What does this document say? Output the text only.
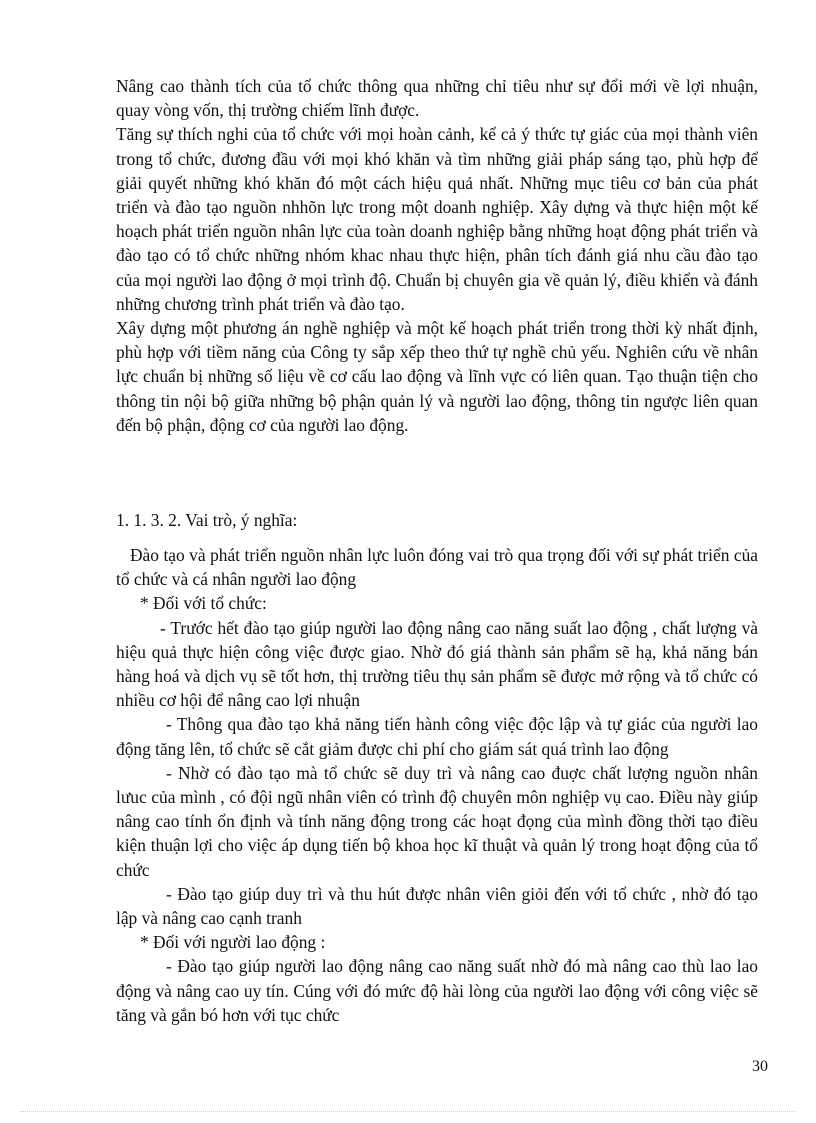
Nâng cao thành tích của tổ chức thông qua những chỉ tiêu như sự đổi mới về lợi nhuận, quay vòng vốn, thị trường chiếm lĩnh được.

Tăng sự thích nghi của tổ chức với mọi hoàn cảnh, kể cả ý thức tự giác của mọi thành viên trong tổ chức, đương đầu với mọi khó khăn và tìm những giải pháp sáng tạo, phù hợp để giải quyết những khó khăn đó một cách hiệu quả nhất. Những mục tiêu cơ bản của phát triển và đào tạo nguồn nhhõn lực trong một doanh nghiệp. Xây dựng và thực hiện một kế hoạch phát triển nguồn nhân lực của toàn doanh nghiệp bằng những hoạt động phát triển và đào tạo có tổ chức những nhóm khac nhau thực hiện, phân tích đánh giá nhu cầu đào tạo của mọi người lao động ở mọi trình độ. Chuẩn bị chuyên gia về quản lý, điều khiển và đánh những chương trình phát triển và đào tạo.

Xây dựng một phương án nghề nghiệp và một kế hoạch phát triển trong thời kỳ nhất định, phù hợp với tiềm năng của Công ty sắp xếp theo thứ tự nghề chủ yếu. Nghiên cứu về nhân lực chuẩn bị những số liệu về cơ cấu lao động và lĩnh vực có liên quan. Tạo thuận tiện cho thông tin nội bộ giữa những bộ phận quản lý và người lao động, thông tin ngược liên quan đến bộ phận, động cơ của người lao động.

1. 1. 3. 2. Vai trò, ý nghĩa:

Đào tạo và phát triển nguồn nhân lực luôn đóng vai trò qua trọng đối với sự phát triển của tổ chức và cá nhân người lao động

* Đối với tổ chức:

- Trước hết đào tạo giúp người lao động nâng cao năng suất lao động , chất lượng và hiệu quả thực hiện công việc được giao. Nhờ đó giá thành sản phẩm sẽ hạ, khả năng bán hàng hoá và dịch vụ sẽ tốt hơn, thị trường tiêu thụ sản phẩm sẽ được mở rộng và tổ chức có nhiều cơ hội để nâng cao lợi nhuận

- Thông qua đào tạo khả năng tiến hành công việc độc lập và tự giác của người lao động tăng lên, tổ chức sẽ cắt giảm được chi phí cho giám sát quá trình lao động

- Nhờ có đào tạo mà tổ chức sẽ duy trì và nâng cao đuợc chất lượng nguồn nhân lưuc của mình , có đội ngũ nhân viên có trình độ chuyên môn nghiệp vụ cao. Điều này giúp nâng cao tính ổn định và tính năng động trong các hoạt đọng của mình đồng thời tạo điều kiện thuận lợi cho việc áp dụng tiến bộ khoa học kĩ thuật và quản lý trong hoạt động của tổ chức

- Đào tạo giúp duy trì và thu hút được nhân viên giỏi đến với tổ chức , nhờ đó tạo lập và nâng cao cạnh tranh

* Đối với người lao động :

- Đào tạo giúp người lao động nâng cao năng suất nhờ đó mà nâng cao thù lao lao động và nâng cao uy tín. Cúng với đó mức độ hài lòng của người lao động với công việc sẽ tăng và gắn bó hơn với tục chức

30
